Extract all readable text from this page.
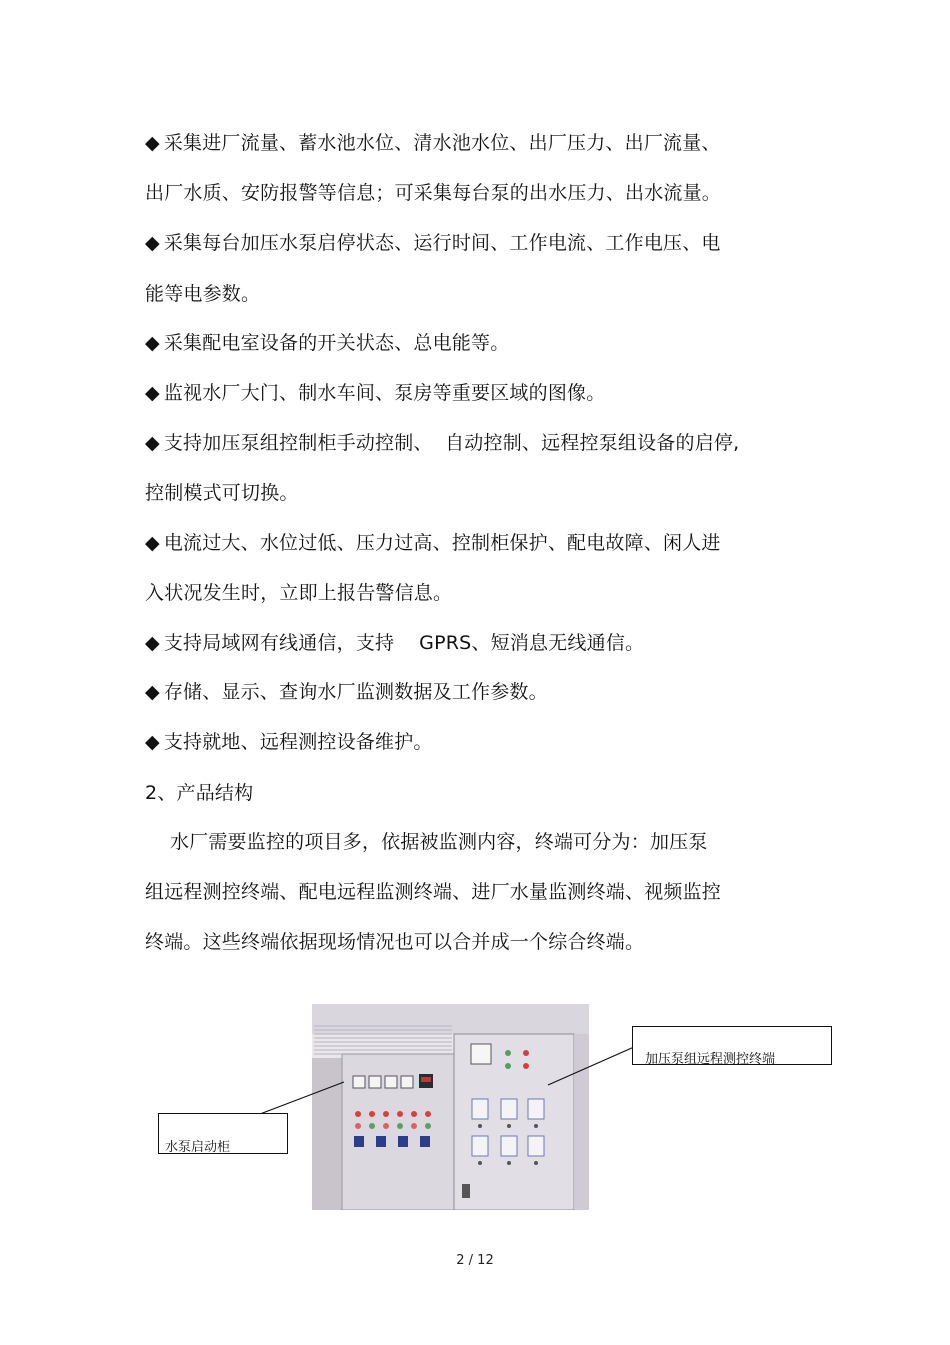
◆ 采集进厂流量、蓄水池水位、清水池水位、出厂压力、出厂流量、
出厂水质、安防报警等信息；可采集每台泵的出水压力、出水流量。
◆ 采集每台加压水泵启停状态、运行时间、工作电流、工作电压、电
能等电参数。
◆ 采集配电室设备的开关状态、总电能等。
◆ 监视水厂大门、制水车间、泵房等重要区域的图像。
◆ 支持加压泵组控制柜手动控制、  自动控制、远程控泵组设备的启停,
控制模式可切换。
◆ 电流过大、水位过低、压力过高、控制柜保护、配电故障、闲人进
入状况发生时，立即上报告警信息。
◆ 支持局域网有线通信，支持    GPRS、短消息无线通信。
◆ 存储、显示、查询水厂监测数据及工作参数。
◆ 支持就地、远程测控设备维护。
2、产品结构
水厂需要监控的项目多，依据被监测内容，终端可分为：加压泵
组远程测控终端、配电远程监测终端、进厂水量监测终端、视频监控
终端。这些终端依据现场情况也可以合并成一个综合终端。
水泵启动柜
加压泵组远程测控终端
2 / 12
